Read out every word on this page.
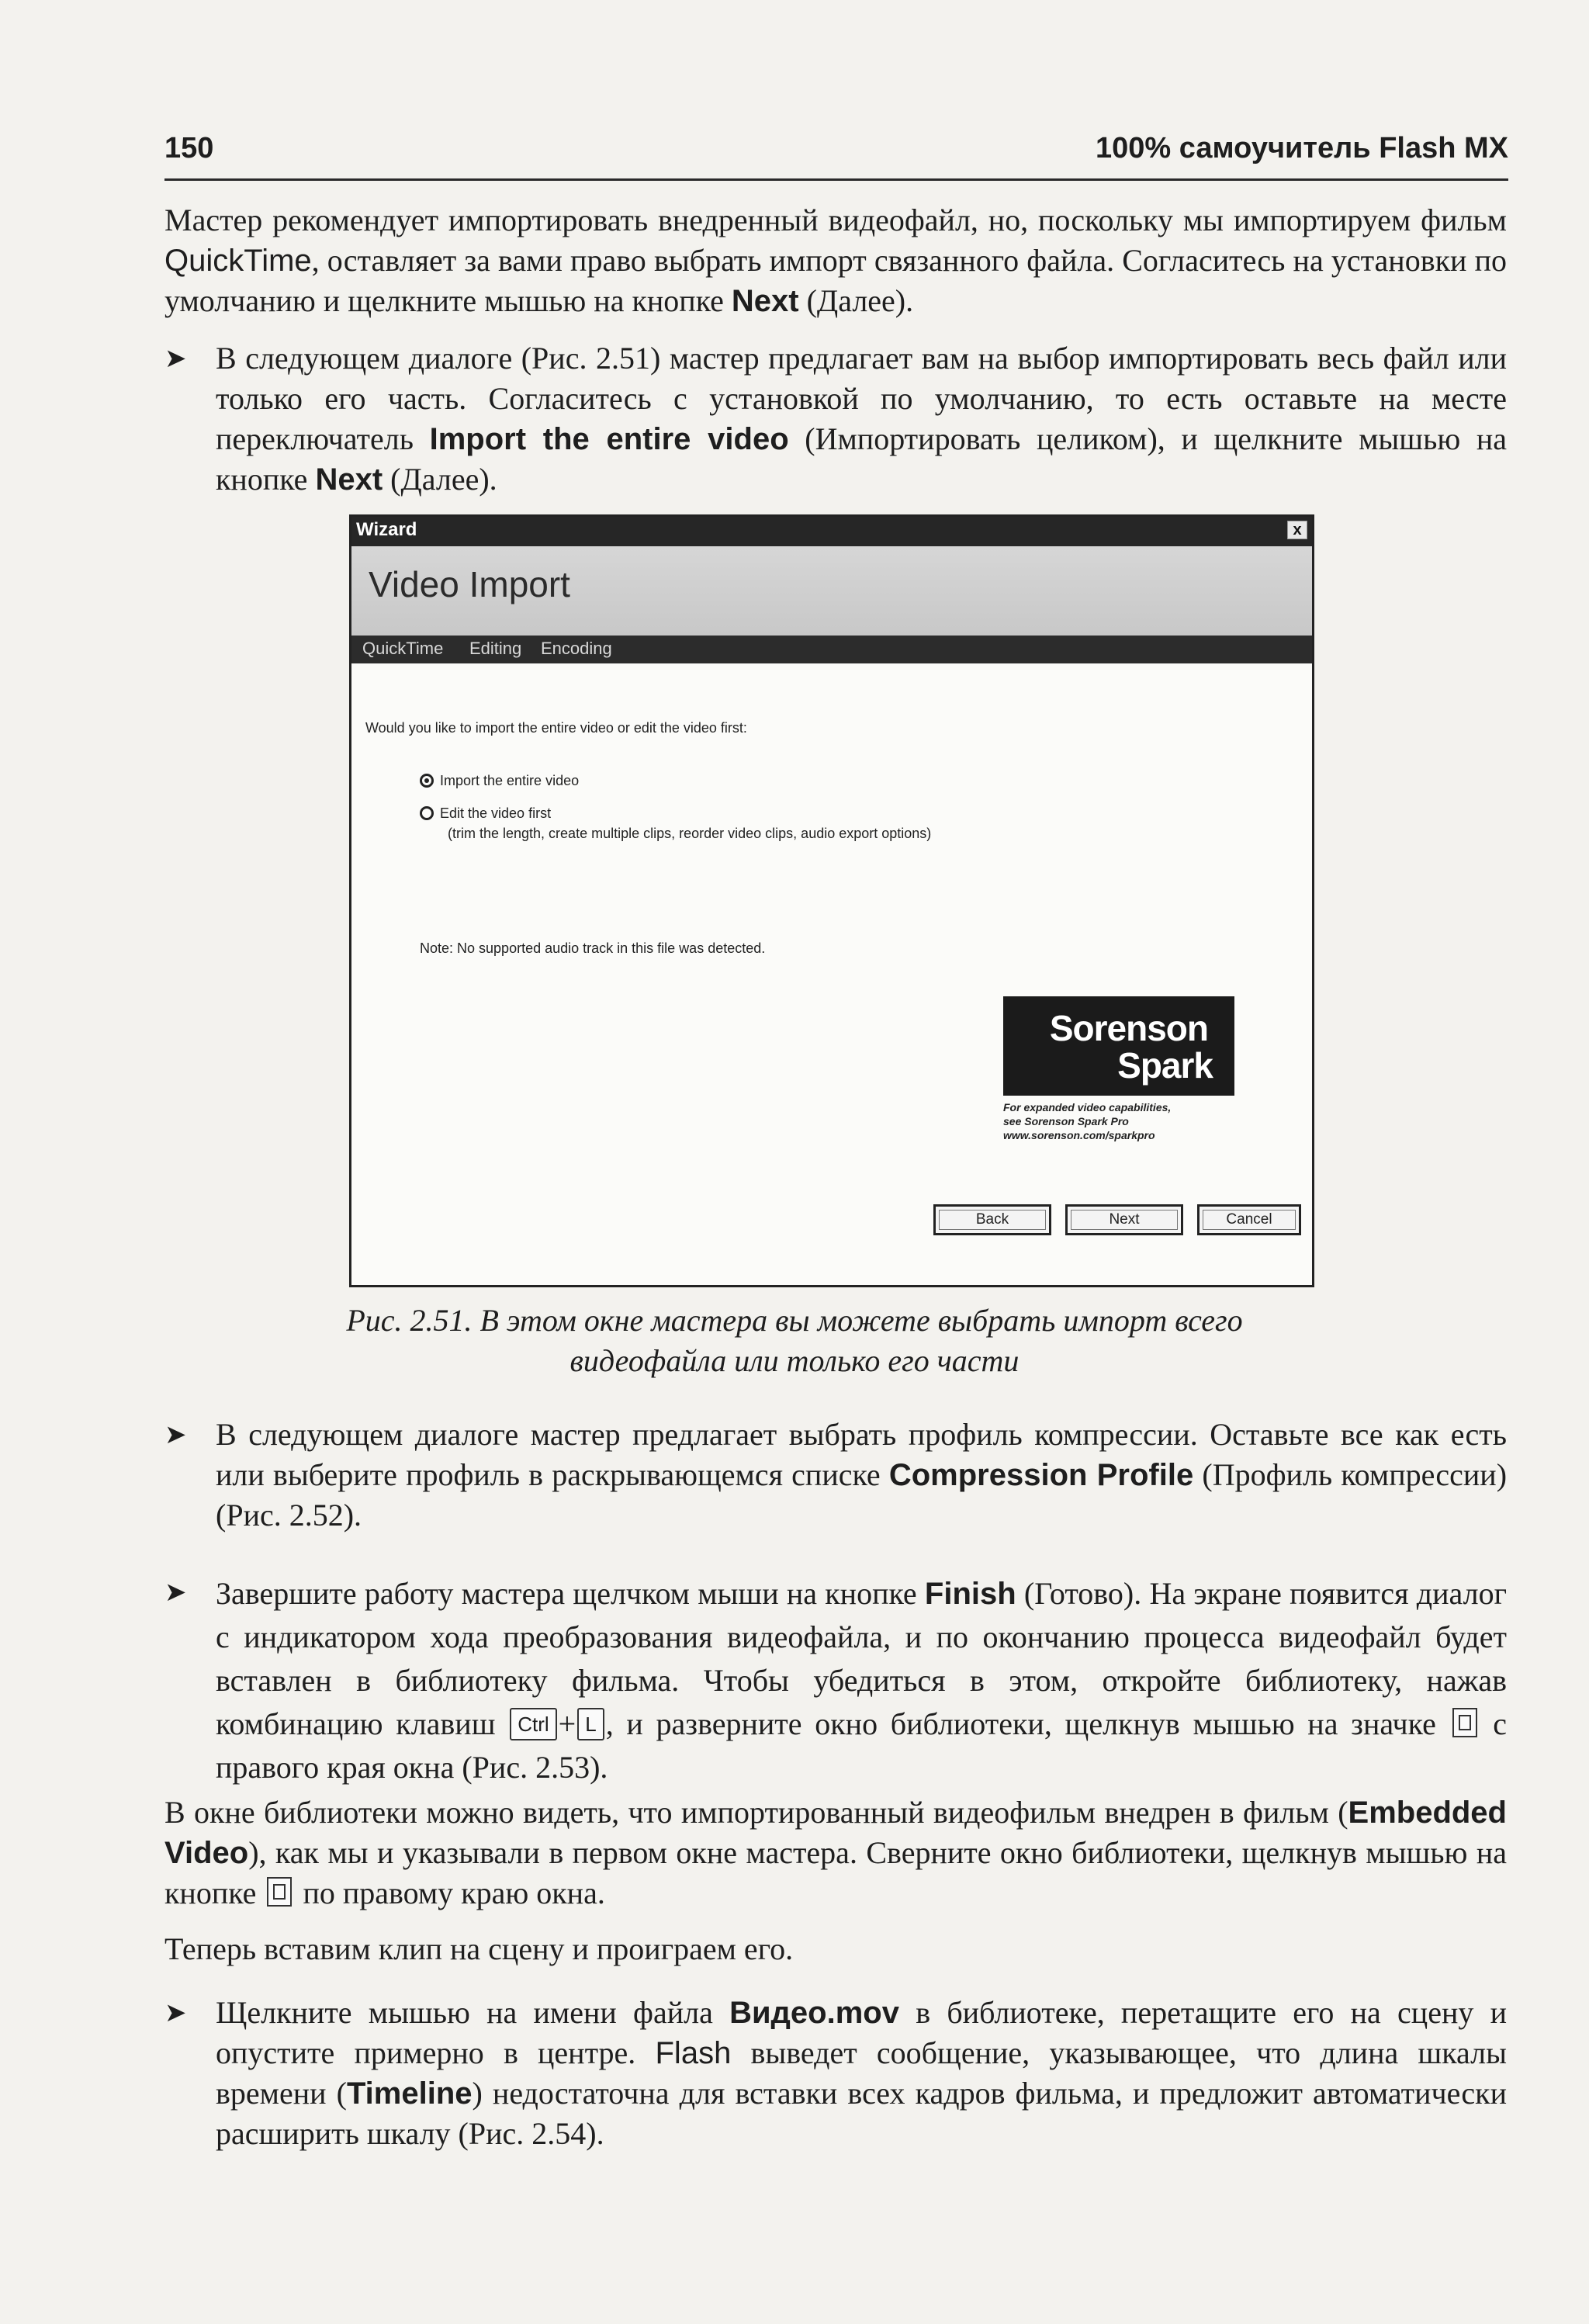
150	100% самоучитель Flash MX
Мастер рекомендует импортировать внедренный видеофайл, но, поскольку мы импортируем фильм QuickTime, оставляет за вами право выбрать импорт связанного файла. Согласитесь на установки по умолчанию и щелкните мышью на кнопке Next (Далее).
➤ В следующем диалоге (Рис. 2.51) мастер предлагает вам на выбор импортировать весь файл или только его часть. Согласитесь с установкой по умолчанию, то есть оставьте на месте переключатель Import the entire video (Импортировать целиком), и щелкните мышью на кнопке Next (Далее).
Wizard	x
Video Import
QuickTime Editing Encoding
Would you like to import the entire video or edit the video first:
Import the entire video
Edit the video first
(trim the length, create multiple clips, reorder video clips, audio export options)
Note: No supported audio track in this file was detected.
Sorenson
Spark
For expanded video capabilities,
see Sorenson Spark Pro
www.sorenson.com/sparkpro
Back	Next	Cancel
Рис. 2.51. В этом окне мастера вы можете выбрать импорт всего
видеофайла или только его части
➤ В следующем диалоге мастер предлагает выбрать профиль компрессии. Оставьте все как есть или выберите профиль в раскрывающемся списке Compression Profile (Профиль компрессии) (Рис. 2.52).
➤ Завершите работу мастера щелчком мыши на кнопке Finish (Готово). На экране появится диалог с индикатором хода преобразования видеофайла, и по окончанию процесса видеофайл будет вставлен в библиотеку фильма. Чтобы убедиться в этом, откройте библиотеку, нажав комбинацию клавиш Ctrl + L , и разверните окно библиотеки, щелкнув мышью на значке  с правого края окна (Рис. 2.53).
В окне библиотеки можно видеть, что импортированный видеофильм внедрен в фильм (Embedded Video), как мы и указывали в первом окне мастера. Сверните окно библиотеки, щелкнув мышью на кнопке  по правому краю окна.
Теперь вставим клип на сцену и проиграем его.
➤ Щелкните мышью на имени файла Видео.mov в библиотеке, перетащите его на сцену и опустите примерно в центре. Flash выведет сообщение, указывающее, что длина шкалы времени (Timeline) недостаточна для вставки всех кадров фильма, и предложит автоматически расширить шкалу (Рис. 2.54).
